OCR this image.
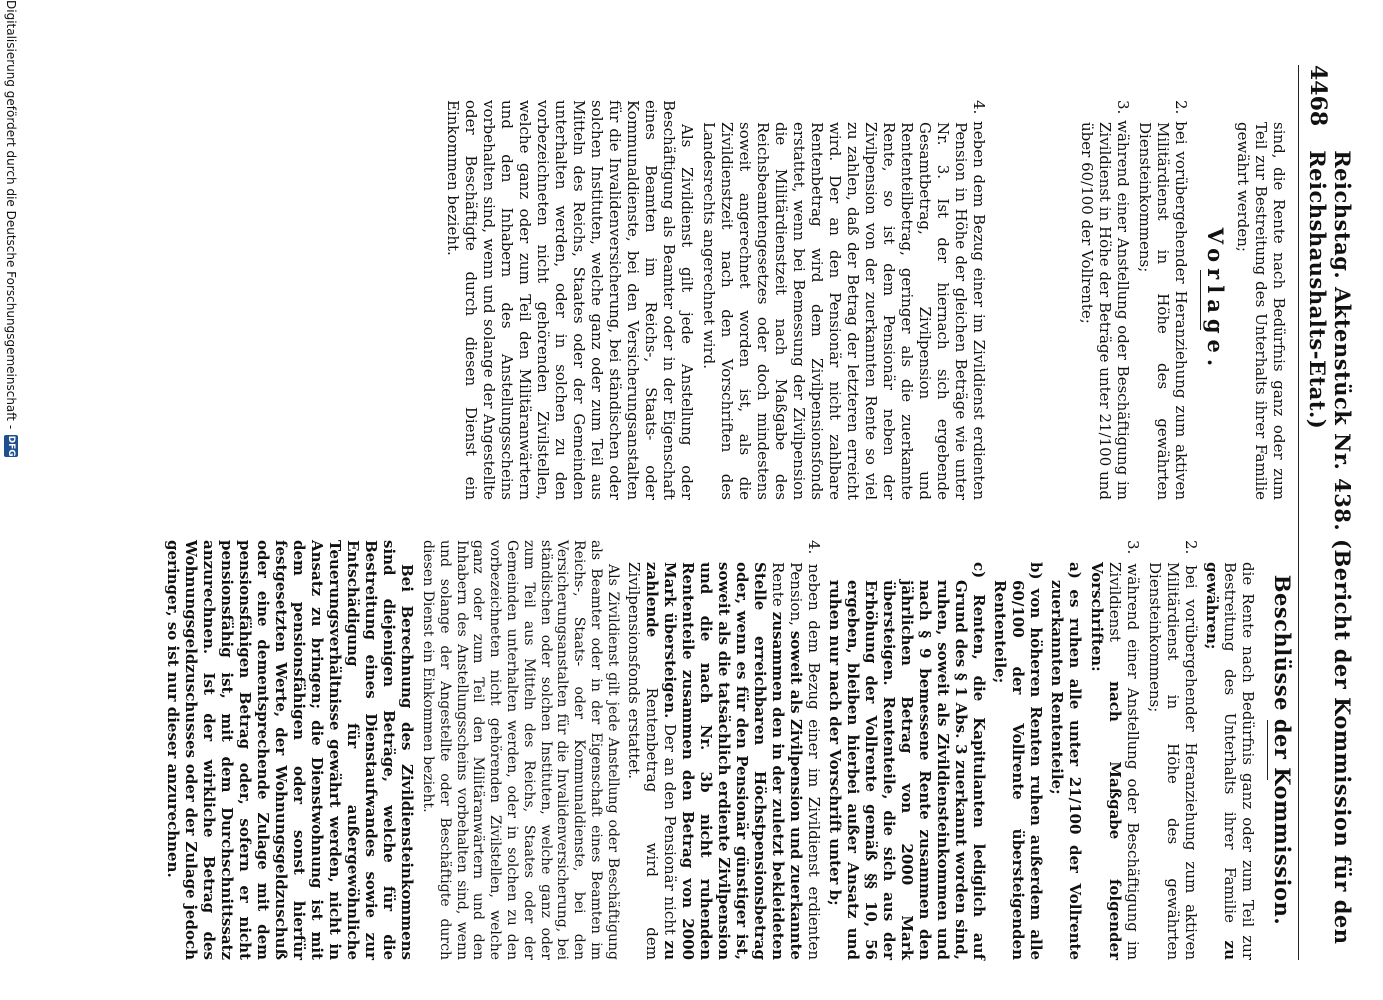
4468
Reichstag. Aktenstück Nr. 438. (Bericht der Kommission für den Reichshaushalts-Etat.)

sind, die Rente nach Bedürfnis ganz oder zum Teil zur Bestreitung des Unterhalts ihrer Familie gewährt werden;

Vorlage.

2. bei vorübergehender Heranziehung zum aktiven Militärdienst in Höhe des gewährten Diensteinkommens;

3. während einer Anstellung oder Beschäftigung im Zivildienst in Höhe der Beträge unter 21/100 und über 60/100 der Vollrente;

4. neben dem Bezug einer im Zivildienst erdienten Pension in Höhe der gleichen Beträge wie unter Nr. 3. Ist der hiernach sich ergebende Gesamtbetrag, Zivilpension und Rententeilbetrag, geringer als die zuerkannte Rente, so ist dem Pensionär neben der Zivilpension von der zuerkannten Rente so viel zu zahlen, daß der Betrag der letzteren erreicht wird. Der an den Pensionär nicht zahlbare Rentenbetrag wird dem Zivilpensionsfonds erstattet, wenn bei Bemessung der Zivilpension die Militärdienstzeit nach Maßgabe des Reichsbeamtengesetzes oder doch mindestens soweit angerechnet worden ist, als die Zivildienstzeit nach den Vorschriften des Landesrechts angerechnet wird.

Als Zivildienst gilt jede Anstellung oder Beschäftigung als Beamter oder in der Eigenschaft eines Beamten im Reichs-, Staats- oder Kommunaldienste, bei den Versicherungsanstalten für die Invalidenversicherung, bei ständischen oder solchen Instituten, welche ganz oder zum Teil aus Mitteln des Reichs, Staates oder der Gemeinden unterhalten werden, oder in solchen zu den vorbezeichneten nicht gehörenden Zivilstellen, welche ganz oder zum Teil den Militäranwärtern und den Inhabern des Anstellungsscheins vorbehalten sind, wenn und solange der Angestellte oder Beschäftigte durch diesen Dienst ein Einkommen bezieht.

Beschlüsse der Kommission.

die Rente nach Bedürfnis ganz oder zum Teil zur Bestreitung des Unterhalts ihrer Familie zu gewähren;

2. bei vorübergehender Heranziehung zum aktiven Militärdienst in Höhe des gewährten Diensteinkommens;

3. während einer Anstellung oder Beschäftigung im Zivildienst nach Maßgabe folgender Vorschriften:

a) es ruhen alle unter 21/100 der Vollrente zuerkannten Rententeile;

b) von höheren Renten ruhen außerdem alle 60/100 der Vollrente übersteigenden Rententeile;

c) Renten, die Kapitulanten lediglich auf Grund des § 1 Abs. 3 zuerkannt worden sind, ruhen, soweit als Zivildiensteinkommen und nach § 9 bemessene Rente zusammen den jährlichen Betrag von 2000 Mark übersteigen. Rententeile, die sich aus der Erhöhung der Vollrente gemäß §§ 10, 56 ergeben, bleiben hierbei außer Ansatz und ruhen nur nach der Vorschrift unter b;

4. neben dem Bezug einer im Zivildienst erdienten Pension, soweit als Zivilpension und zuerkannte Rente zusammen den in der zuletzt bekleideten Stelle erreichbaren Höchstpensionsbetrag oder, wenn es für den Pensionär günstiger ist, soweit als die tatsächlich erdiente Zivilpension und die nach Nr. 3b nicht ruhenden Rententeile zusammen den Betrag von 2000 Mark übersteigen. Der an den Pensionär nicht zu zahlende Rentenbetrag wird dem Zivilpensionsfonds erstattet.

Als Zivildienst gilt jede Anstellung oder Beschäftigung als Beamter oder in der Eigenschaft eines Beamten im Reichs-, Staats- oder Kommunaldienste, bei den Versicherungsanstalten für die Invalidenversicherung, bei ständischen oder solchen Instituten, welche ganz oder zum Teil aus Mitteln des Reichs, Staates oder der Gemeinden unterhalten werden, oder in solchen zu den vorbezeichneten nicht gehörenden Zivilstellen, welche ganz oder zum Teil den Militäranwärtern und den Inhabern des Anstellungsscheins vorbehalten sind, wenn und solange der Angestellte oder Beschäftigte durch diesen Dienst ein Einkommen bezieht.

Bei Berechnung des Zivildiensteinkommens sind diejenigen Beträge, welche für die Bestreitung eines Dienstaufwandes sowie zur Entschädigung für außergewöhnliche Teuerungsverhältnisse gewährt werden, nicht in Ansatz zu bringen; die Dienstwohnung ist mit dem pensionsfähigen oder sonst hierfür festgesetzten Werte, der Wohnungsgeldzuschuß oder eine dementsprechende Zulage mit dem pensionsfähigen Betrag oder, sofern er nicht pensionsfähig ist, mit dem Durchschnittssatz anzurechnen. Ist der wirkliche Betrag des Wohnungsgeldzuschusses oder der Zulage jedoch geringer, so ist nur dieser anzurechnen.

Digitalisierung gefördert durch die Deutsche Forschungsgemeinschaft -
DFG
